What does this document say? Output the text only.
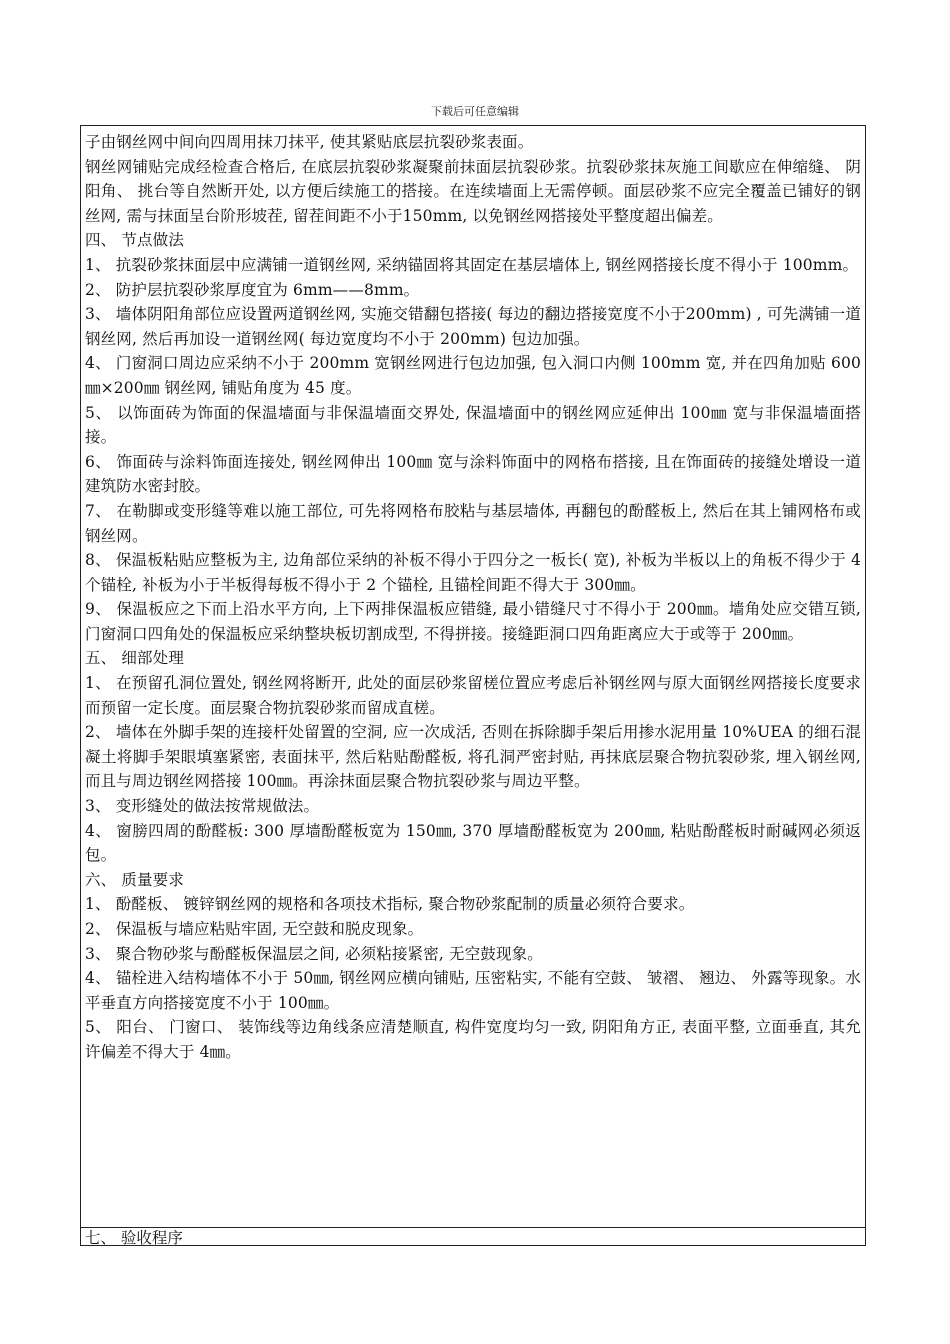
下载后可任意编辑

子由钢丝网中间向四周用抹刀抹平, 使其紧贴底层抗裂砂浆表面。

钢丝网铺贴完成经检查合格后, 在底层抗裂砂浆凝聚前抹面层抗裂砂浆。抗裂砂浆抹灰施工间歇应在伸缩缝、 阴阳角、 挑台等自然断开处, 以方便后续施工的搭接。在连续墙面上无需停顿。面层砂浆不应完全覆盖已铺好的钢丝网, 需与抹面呈台阶形坡茬, 留茬间距不小于150mm, 以免钢丝网搭接处平整度超出偏差。

四、 节点做法

1、 抗裂砂浆抹面层中应满铺一道钢丝网, 采纳锚固将其固定在基层墙体上, 钢丝网搭接长度不得小于 100mm。

2、 防护层抗裂砂浆厚度宜为 6mm——8mm。

3、 墙体阴阳角部位应设置两道钢丝网, 实施交错翻包搭接( 每边的翻边搭接宽度不小于200mm) , 可先满铺一道钢丝网, 然后再加设一道钢丝网( 每边宽度均不小于 200mm) 包边加强。

4、 门窗洞口周边应采纳不小于 200mm 宽钢丝网进行包边加强, 包入洞口内侧 100mm 宽, 并在四角加贴 600㎜×200㎜ 钢丝网, 铺贴角度为 45 度。

5、 以饰面砖为饰面的保温墙面与非保温墙面交界处, 保温墙面中的钢丝网应延伸出 100㎜ 宽与非保温墙面搭接。

6、 饰面砖与涂料饰面连接处, 钢丝网伸出 100㎜ 宽与涂料饰面中的网格布搭接, 且在饰面砖的接缝处增设一道建筑防水密封胶。

7、 在勒脚或变形缝等难以施工部位, 可先将网格布胶粘与基层墙体, 再翻包的酚醛板上, 然后在其上铺网格布或钢丝网。

8、 保温板粘贴应整板为主, 边角部位采纳的补板不得小于四分之一板长( 宽), 补板为半板以上的角板不得少于 4 个锚栓, 补板为小于半板得每板不得小于 2 个锚栓, 且锚栓间距不得大于 300㎜。

9、 保温板应之下而上沿水平方向, 上下两排保温板应错缝, 最小错缝尺寸不得小于 200㎜。墙角处应交错互锁, 门窗洞口四角处的保温板应采纳整块板切割成型, 不得拼接。接缝距洞口四角距离应大于或等于 200㎜。

五、 细部处理

1、 在预留孔洞位置处, 钢丝网将断开, 此处的面层砂浆留槎位置应考虑后补钢丝网与原大面钢丝网搭接长度要求而预留一定长度。面层聚合物抗裂砂浆而留成直槎。

2、 墙体在外脚手架的连接杆处留置的空洞, 应一次成活, 否则在拆除脚手架后用掺水泥用量 10%UEA 的细石混凝土将脚手架眼填塞紧密, 表面抹平, 然后粘贴酚醛板, 将孔洞严密封贴, 再抹底层聚合物抗裂砂浆, 埋入钢丝网, 而且与周边钢丝网搭接 100㎜。再涂抹面层聚合物抗裂砂浆与周边平整。

3、 变形缝处的做法按常规做法。

4、 窗膀四周的酚醛板: 300 厚墙酚醛板宽为 150㎜, 370 厚墙酚醛板宽为 200㎜, 粘贴酚醛板时耐碱网必须返包。

六、 质量要求

1、 酚醛板、 镀锌钢丝网的规格和各项技术指标, 聚合物砂浆配制的质量必须符合要求。

2、 保温板与墙应粘贴牢固, 无空鼓和脱皮现象。

3、 聚合物砂浆与酚醛板保温层之间, 必须粘接紧密, 无空鼓现象。

4、 锚栓进入结构墙体不小于 50㎜, 钢丝网应横向铺贴, 压密粘实, 不能有空鼓、 皱褶、 翘边、 外露等现象。水平垂直方向搭接宽度不小于 100㎜。

5、 阳台、 门窗口、 装饰线等边角线条应清楚顺直, 构件宽度均匀一致, 阴阳角方正, 表面平整, 立面垂直, 其允许偏差不得大于 4㎜。

七、 验收程序
